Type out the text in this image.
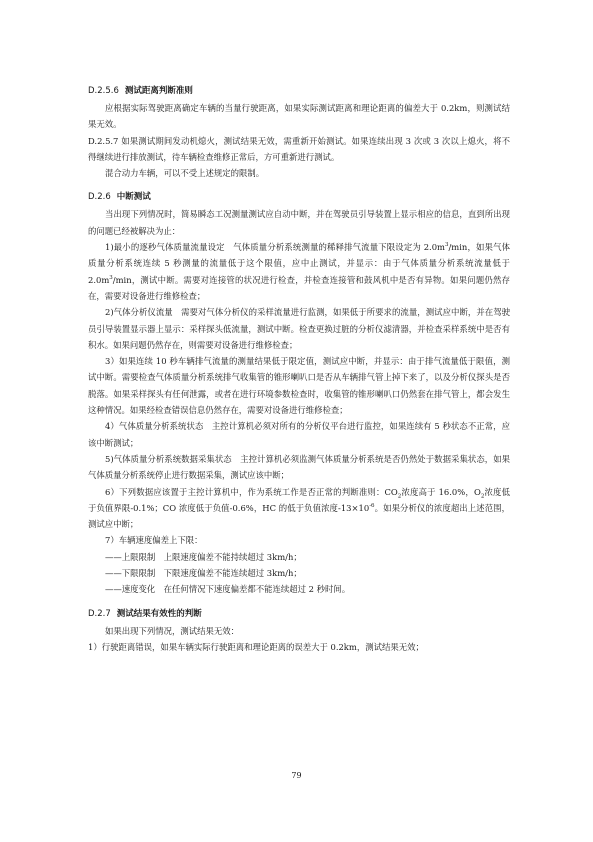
D.2.5.6 测试距离判断准则

应根据实际驾驶距离确定车辆的当量行驶距离，如果实际测试距离和理论距离的偏差大于 0.2km，则测试结果无效。

D.2.5.7 如果测试期间发动机熄火，测试结果无效，需重新开始测试。如果连续出现 3 次或 3 次以上熄火，将不得继续进行排放测试，待车辆检查维修正常后，方可重新进行测试。

混合动力车辆，可以不受上述规定的限制。

D.2.6 中断测试

当出现下列情况时，简易瞬态工况测量测试应自动中断，并在驾驶员引导装置上显示相应的信息，直到所出现的问题已经被解决为止：

1)最小的逐秒气体质量流量设定　气体质量分析系统测量的稀释排气流量下限设定为 $2.0m^3/\min$，如果气体质量分析系统连续 5 秒测量的流量低于这个限值，应中止测试，并显示：由于气体质量分析系统流量低于 $2.0m^3/\min$，测试中断。需要对连接管的状况进行检查，并检查连接管和鼓风机中是否有异物。如果问题仍然存在，需要对设备进行维修检查；

2)气体分析仪流量　需要对气体分析仪的采样流量进行监测，如果低于所要求的流量，测试应中断，并在驾驶员引导装置显示器上显示：采样探头低流量，测试中断。检查更换过脏的分析仪滤清器，并检查采样系统中是否有积水。如果问题仍然存在，则需要对设备进行维修检查；

3）如果连续 10 秒车辆排气流量的测量结果低于限定值，测试应中断，并显示：由于排气流量低于限值，测试中断。需要检查气体质量分析系统排气收集管的锥形喇叭口是否从车辆排气管上掉下来了，以及分析仪探头是否脱落。如果采样探头有任何泄露，或者在进行环境参数检查时，收集管的锥形喇叭口仍然套在排气管上，都会发生这种情况。如果经检查错误信息仍然存在，需要对设备进行维修检查；

4）气体质量分析系统状态　主控计算机必须对所有的分析仪平台进行监控，如果连续有 5 秒状态不正常，应该中断测试；

5)气体质量分析系统数据采集状态　主控计算机必须监测气体质量分析系统是否仍然处于数据采集状态，如果气体质量分析系统停止进行数据采集，测试应该中断；

6）下列数据应该置于主控计算机中，作为系统工作是否正常的判断准则：$CO_2$浓度高于 16.0%，$O_2$浓度低于负值界限-0.1%；CO 浓度低于负值-0.6%，HC 的低于负值浓度$-13\times 10^{-6}$。如果分析仪的浓度超出上述范围，测试应中断；

7）车辆速度偏差上下限：

——上限限制　上限速度偏差不能持续超过 3km/h；

——下限限制　下限速度偏差不能连续超过 3km/h；

——速度变化　在任何情况下速度偏差都不能连续超过 2 秒时间。

D.2.7 测试结果有效性的判断

如果出现下列情况，测试结果无效：

1）行驶距离错误，如果车辆实际行驶距离和理论距离的误差大于 0.2km，测试结果无效；

79
